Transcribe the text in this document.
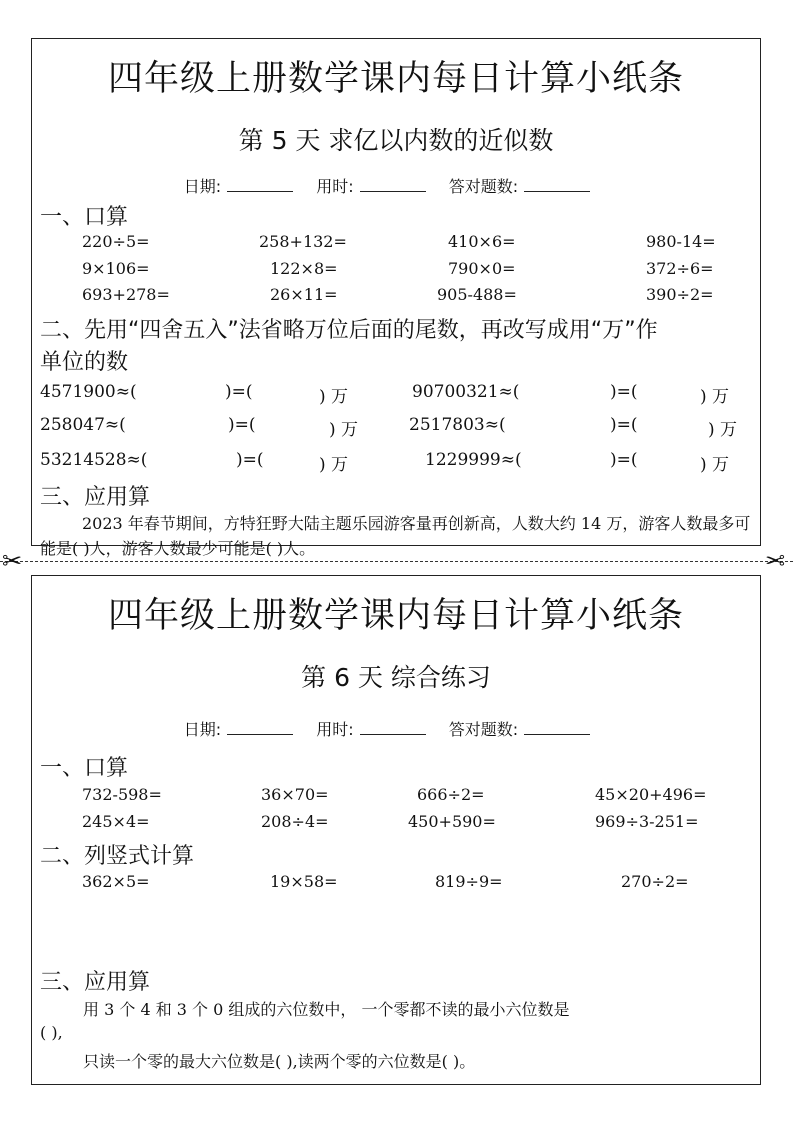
✂	✂
四年级上册数学课内每日计算小纸条
第 5 天 求亿以内数的近似数
日期:	用时:	答对题数:
一、口算
220÷5=	258+132=	410×6=	980-14=
9×106=	122×8=	790×0=	372÷6=
693+278=	26×11=	905-488=	390÷2=
二、先用“四舍五入”法省略万位后面的尾数，再改写成用“万”作
单位的数
4571900≈(	)=(	) 万	90700321≈(	)=(	) 万
258047≈(	)=(	) 万	2517803≈(	)=(	) 万
53214528≈(	)=(	) 万	1229999≈(	)=(	) 万
三、应用算
2023 年春节期间，方特狂野大陆主题乐园游客量再创新高，人数大约 14 万，游客人数最多可能是( )人，游客人数最少可能是( )人。
四年级上册数学课内每日计算小纸条
第 6 天 综合练习
日期:	用时:	答对题数:
一、口算
732-598=	36×70=	666÷2=	45×20+496=
245×4=	208÷4=	450+590=	969÷3-251=
二、列竖式计算
362×5=	19×58=	819÷9=	270÷2=
三、应用算
用 3 个 4 和 3 个 0 组成的六位数中， 一个零都不读的最小六位数是
( ),
只读一个零的最大六位数是( ),读两个零的六位数是( )。
